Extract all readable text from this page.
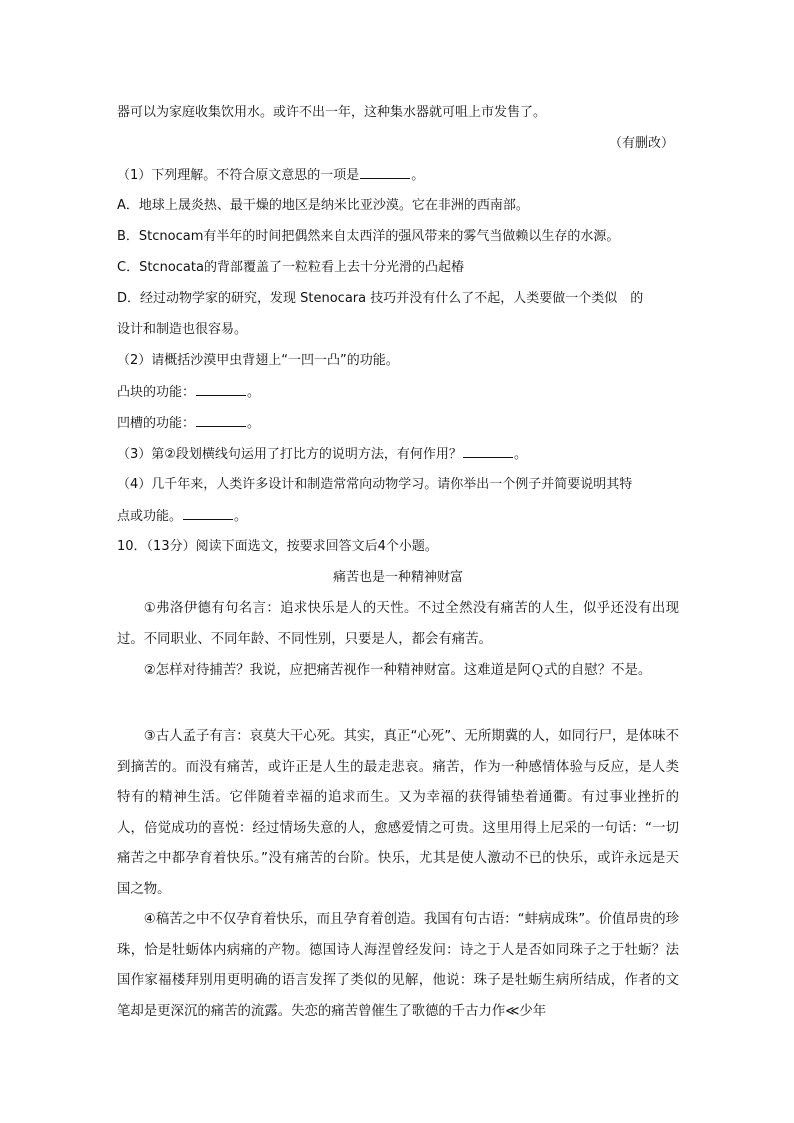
器可以为家庭收集饮用水。或许不出一年，这种集水器就可咀上市发售了。
（有删改）
（1）下列理解。不符合原文意思的一项是	。
A．地球上晟炎热、最干燥的地区是纳米比亚沙漠。它在非洲的西南部。
B．Stcnocam有半年的时间把偶然来自太西洋的强风带来的雾气当做赖以生存的水源。
C．Stcnocata的背部覆盖了一粒粒看上去十分光滑的凸起椿
D．经过动物学家的研究，发现 Stenocara 技巧并没有什么了不起，人类要做一个类似　的
设计和制造也很容易。
（2）请概括沙漠甲虫背翅上“一凹一凸”的功能。
凸块的功能：	。
凹槽的功能：	。
（3）第②段划横线句运用了打比方的说明方法，有何作用？	。
（4）几千年来，人类许多设计和制造常常向动物学习。请你举出一个例子并简要说明其特
点或功能。	。
10．（13分）阅读下面选文，按要求回答文后4个小题。
痛苦也是一种精神财富
①弗洛伊德有句名言：追求快乐是人的天性。不过全然没有痛苦的人生，似乎还没有出现过。不同职业、不同年龄、不同性别，只要是人，都会有痛苦。
②怎样对待捕苦？我说，应把痛苦视作一种精神财富。这难道是阿Ｑ式的自慰？不是。
③古人孟子有言：哀莫大干心死。其实，真正“心死”、无所期冀的人，如同行尸，是体味不到摘苦的。而没有痛苦，或许正是人生的最走悲哀。痛苦，作为一种感情体验与反应，是人类特有的精神生活。它伴随着幸福的追求而生。又为幸福的获得铺垫着通衢。有过事业挫折的人，倍觉成功的喜悦：经过情场失意的人，愈感爱情之可贵。这里用得上尼采的一句话：“一切痛苦之中都孕育着快乐。”没有痛苦的台阶。快乐，尤其是使人激动不已的快乐，或许永远是天国之物。
④稿苦之中不仅孕育着快乐，而且孕育着创造。我国有句古语：“蚌病成珠”。价值昂贵的珍珠，恰是牡蛎体内病痛的产物。德国诗人海涅曾经发问：诗之于人是否如同珠子之于牡蛎？法国作家福楼拜别用更明确的语言发挥了类似的见解，他说：珠子是牡蛎生病所结成，作者的文笔却是更深沉的痛苦的流露。失恋的痛苦曾催生了歌德的千古力作≪少年
